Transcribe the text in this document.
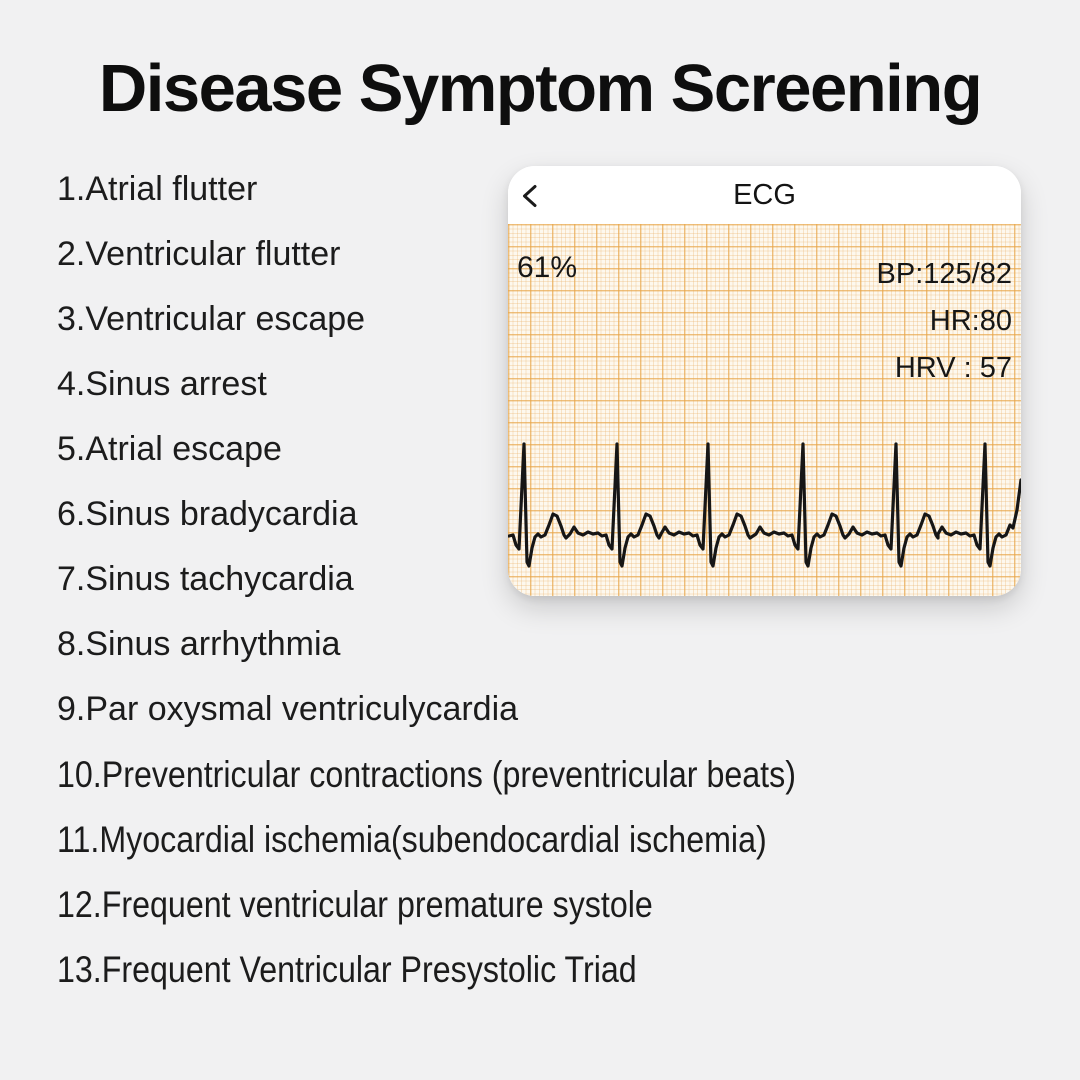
Disease Symptom Screening
1.Atrial flutter
2.Ventricular flutter
3.Ventricular escape
4.Sinus arrest
5.Atrial escape
6.Sinus bradycardia
7.Sinus tachycardia
8.Sinus arrhythmia
9.Par oxysmal ventriculycardia
10.Preventricular contractions (preventricular beats)
11.Myocardial ischemia(subendocardial ischemia)
12.Frequent ventricular premature systole
13.Frequent Ventricular Presystolic Triad
ECG
61%	BP:125/82
HR:80
HRV : 57
